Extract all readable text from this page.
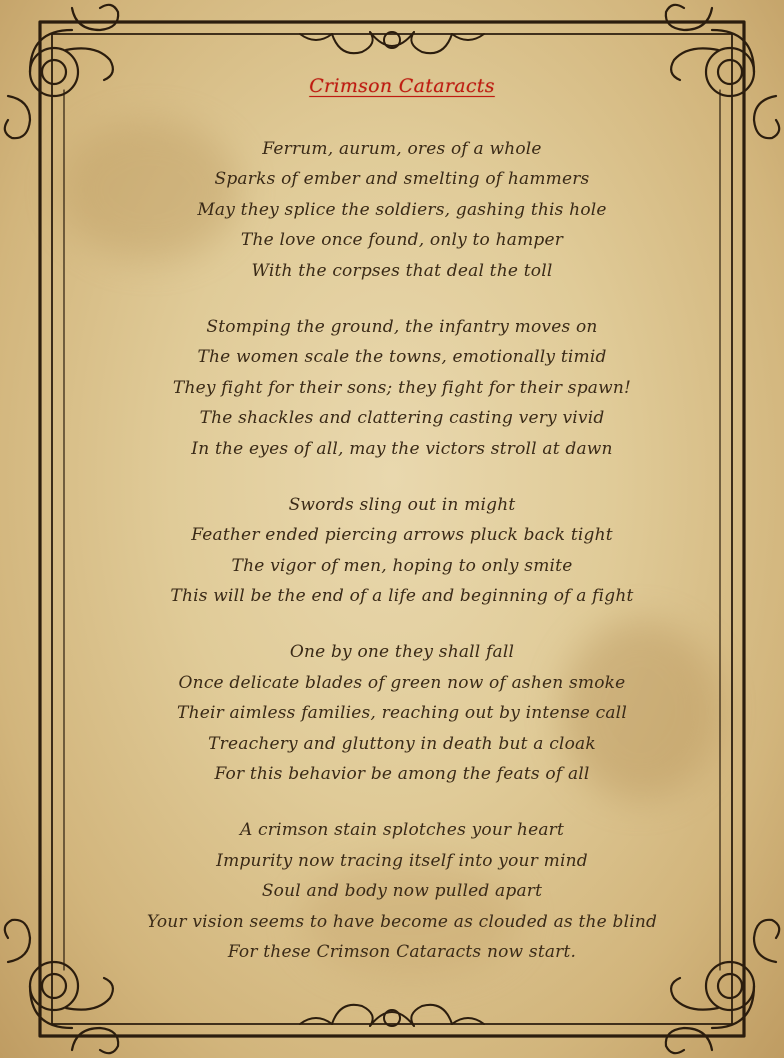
Crimson Cataracts
Ferrum, aurum, ores of a whole
Sparks of ember and smelting of hammers
May they splice the soldiers, gashing this hole
The love once found, only to hamper
With the corpses that deal the toll
Stomping the ground, the infantry moves on
The women scale the towns, emotionally timid
They fight for their sons; they fight for their spawn!
The shackles and clattering casting very vivid
In the eyes of all, may the victors stroll at dawn
Swords sling out in might
Feather ended piercing arrows pluck back tight
The vigor of men, hoping to only smite
This will be the end of a life and beginning of a fight
One by one they shall fall
Once delicate blades of green now of ashen smoke
Their aimless families, reaching out by intense call
Treachery and gluttony in death but a cloak
For this behavior be among the feats of all
A crimson stain splotches your heart
Impurity now tracing itself into your mind
Soul and body now pulled apart
Your vision seems to have become as clouded as the blind
For these Crimson Cataracts now start.
